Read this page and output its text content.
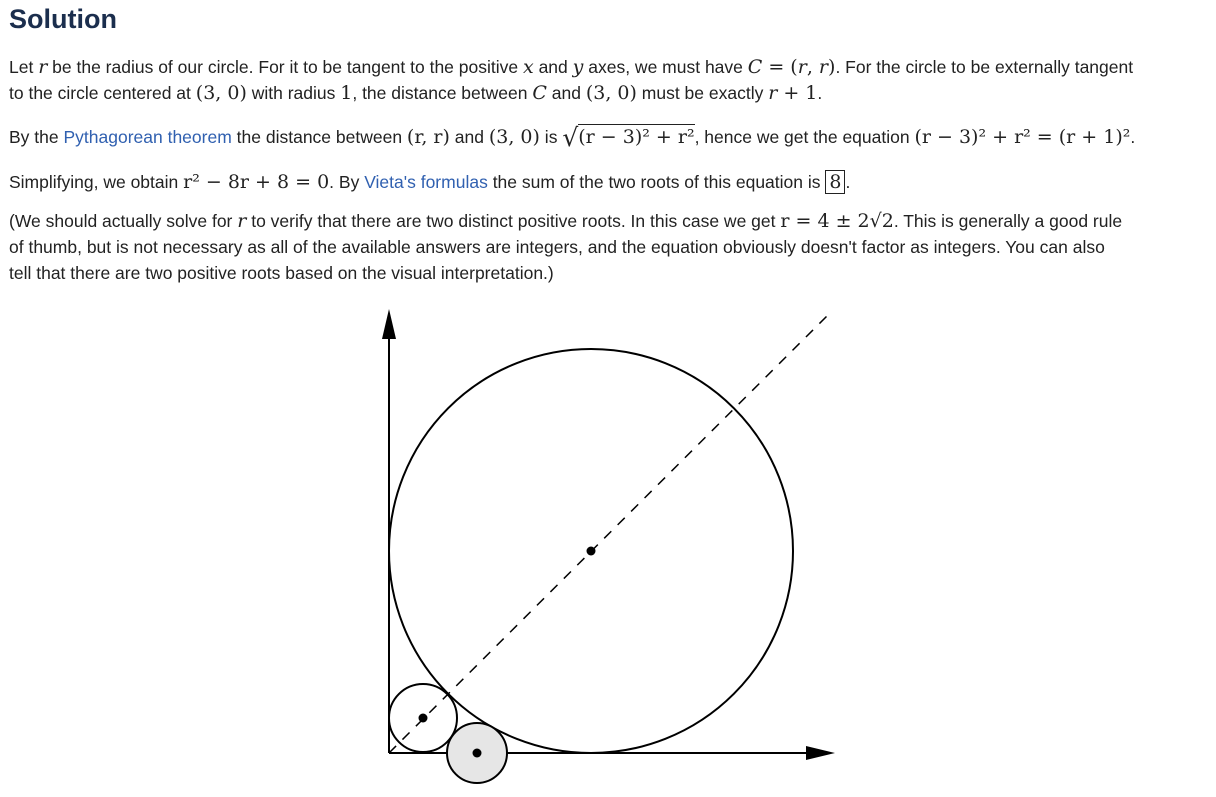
Solution

Let r be the radius of our circle. For it to be tangent to the positive x and y axes, we must have C = (r, r). For the circle to be externally tangent

to the circle centered at (3, 0) with radius 1, the distance between C and (3, 0) must be exactly r + 1.

By the Pythagorean theorem the distance between (r, r) and (3, 0) is √(r − 3)² + r², hence we get the equation (r − 3)² + r² = (r + 1)².

Simplifying, we obtain r² − 8r + 8 = 0. By Vieta's formulas the sum of the two roots of this equation is 8 .

(We should actually solve for r to verify that there are two distinct positive roots. In this case we get r = 4 ± 2√2. This is generally a good rule

of thumb, but is not necessary as all of the available answers are integers, and the equation obviously doesn't factor as integers. You can also

tell that there are two positive roots based on the visual interpretation.)
